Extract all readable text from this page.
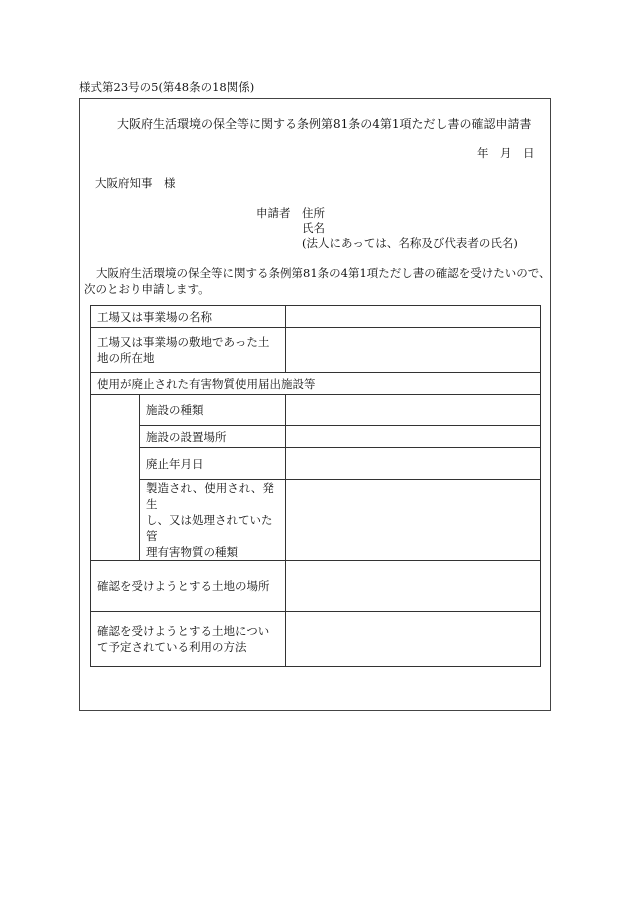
様式第23号の5(第48条の18関係)
大阪府生活環境の保全等に関する条例第81条の4第1項ただし書の確認申請書
年　月　日
大阪府知事　様
申請者 住所
氏名
(法人にあっては、名称及び代表者の氏名)
大阪府生活環境の保全等に関する条例第81条の4第1項ただし書の確認を受けたいので、
次のとおり申請します。
工場又は事業場の名称		

工場又は事業場の敷地であった土
地の所在地		

使用が廃止された有害物質使用届出施設等		
	施設の種類	
	施設の設置場所	
	廃止年月日	

	製造され、使用され、発生
し、又は処理されていた管
理有害物質の種類	

確認を受けようとする土地の場所		

確認を受けようとする土地につい
て予定されている利用の方法		
